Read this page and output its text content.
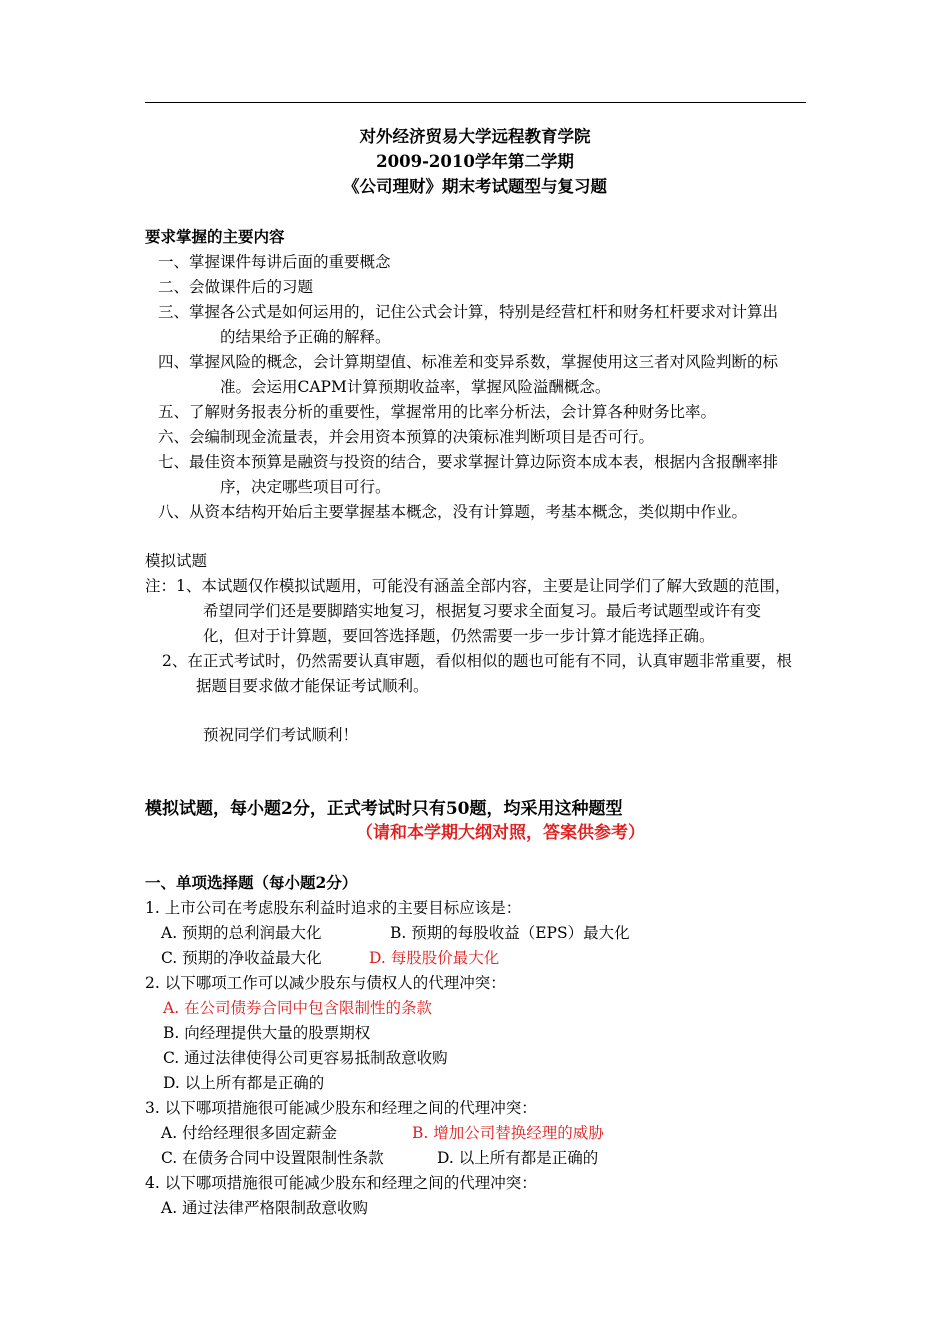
对外经济贸易大学远程教育学院
2009-2010学年第二学期
《公司理财》期末考试题型与复习题
要求掌握的主要内容
一、掌握课件每讲后面的重要概念
二、会做课件后的习题
三、掌握各公式是如何运用的，记住公式会计算，特别是经营杠杆和财务杠杆要求对计算出
的结果给予正确的解释。
四、掌握风险的概念，会计算期望值、标准差和变异系数，掌握使用这三者对风险判断的标
准。会运用CAPM计算预期收益率，掌握风险溢酬概念。
五、了解财务报表分析的重要性，掌握常用的比率分析法，会计算各种财务比率。
六、会编制现金流量表，并会用资本预算的决策标准判断项目是否可行。
七、最佳资本预算是融资与投资的结合，要求掌握计算边际资本成本表，根据内含报酬率排
序，决定哪些项目可行。
八、从资本结构开始后主要掌握基本概念，没有计算题，考基本概念，类似期中作业。
模拟试题
注：1、本试题仅作模拟试题用，可能没有涵盖全部内容，主要是让同学们了解大致题的范围，
希望同学们还是要脚踏实地复习，根据复习要求全面复习。最后考试题型或许有变
化，但对于计算题，要回答选择题，仍然需要一步一步计算才能选择正确。
2、在正式考试时，仍然需要认真审题，看似相似的题也可能有不同，认真审题非常重要，根
据题目要求做才能保证考试顺利。
预祝同学们考试顺利！
模拟试题，每小题2分，正式考试时只有50题，均采用这种题型
（请和本学期大纲对照，答案供参考）
一、单项选择题（每小题2分）
1. 上市公司在考虑股东利益时追求的主要目标应该是：
A. 预期的总利润最大化	B. 预期的每股收益（EPS）最大化
C. 预期的净收益最大化	D. 每股股价最大化
2. 以下哪项工作可以减少股东与债权人的代理冲突：
A. 在公司债券合同中包含限制性的条款
B. 向经理提供大量的股票期权
C. 通过法律使得公司更容易抵制敌意收购
D. 以上所有都是正确的
3. 以下哪项措施很可能减少股东和经理之间的代理冲突：
A. 付给经理很多固定薪金	B. 增加公司替换经理的威胁
C. 在债务合同中设置限制性条款	D. 以上所有都是正确的
4. 以下哪项措施很可能减少股东和经理之间的代理冲突：
A. 通过法律严格限制敌意收购
